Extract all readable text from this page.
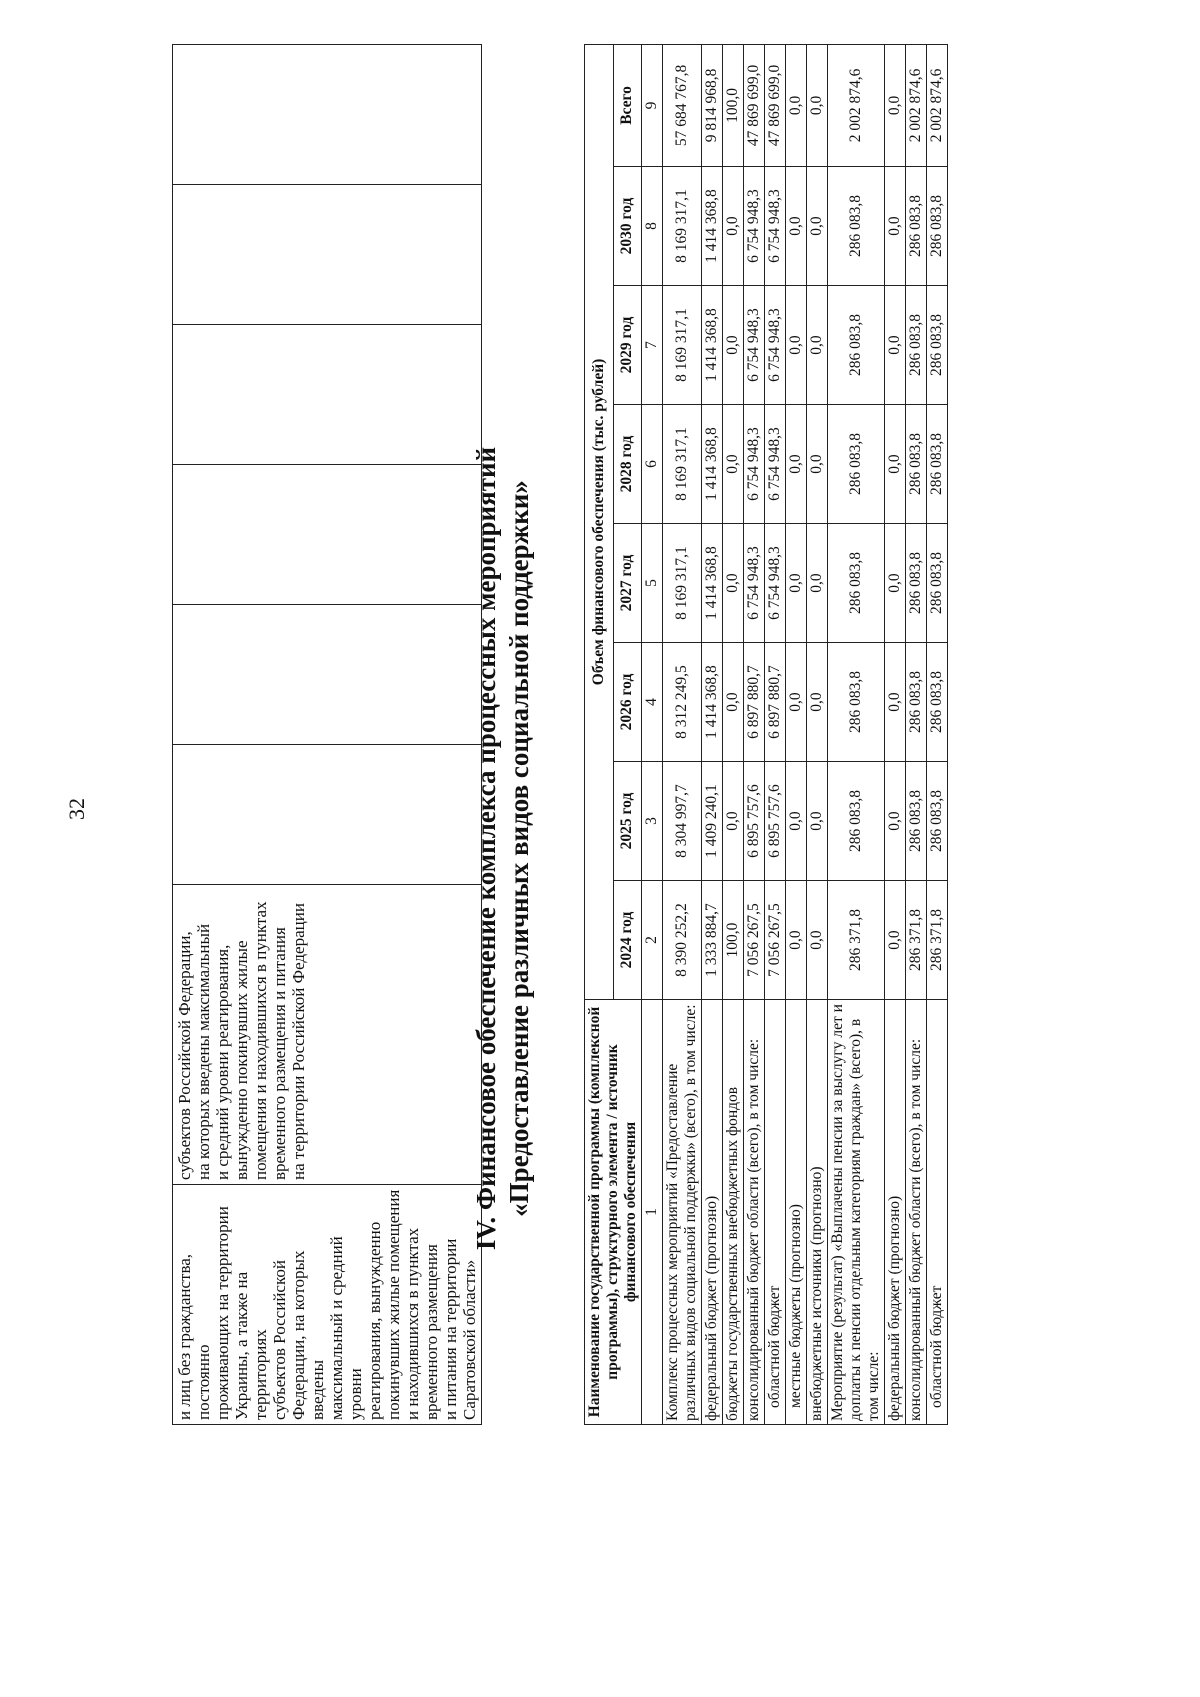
32
и лиц без гражданства, постоянно
проживающих на территории
Украины, а также на территориях
субъектов Российской
Федерации, на которых введены
максимальный и средний уровни
реагирования, вынужденно
покинувших жилые помещения
и находившихся в пунктах
временного размещения
и питания на территории
Саратовской области»	субъектов Российской Федерации,
на которых введены максимальный
и средний уровни реагирования,
вынужденно покинувших жилые
помещения и находившихся в пунктах
временного размещения и питания
на территории Российской Федерации							IV. Финансовое обеспечение комплекса процессных мероприятий «Предоставление различных видов социальной поддержки»	Наименование государственной программы (комплексной программы), структурного элемента / источник финансового обеспечения	Объем финансового обеспечения (тыс. рублей)							
	2024 год	2025 год	2026 год	2027 год	2028 год	2029 год	2030 год	Всего
1	2	3	4	5	6	7	8	9
Комплекс процессных мероприятий «Предоставление различных видов социальной поддержки» (всего), в том числе:	8 390 252,2	8 304 997,7	8 312 249,5	8 169 317,1	8 169 317,1	8 169 317,1	8 169 317,1	57 684 767,8
федеральный бюджет (прогнозно)	1 333 884,7	1 409 240,1	1 414 368,8	1 414 368,8	1 414 368,8	1 414 368,8	1 414 368,8	9 814 968,8
бюджеты государственных внебюджетных фондов	100,0	0,0	0,0	0,0	0,0	0,0	0,0	100,0
консолидированный бюджет области (всего), в том числе:	7 056 267,5	6 895 757,6	6 897 880,7	6 754 948,3	6 754 948,3	6 754 948,3	6 754 948,3	47 869 699,0
областной бюджет	7 056 267,5	6 895 757,6	6 897 880,7	6 754 948,3	6 754 948,3	6 754 948,3	6 754 948,3	47 869 699,0
местные бюджеты (прогнозно)	0,0	0,0	0,0	0,0	0,0	0,0	0,0	0,0
внебюджетные источники (прогнозно)	0,0	0,0	0,0	0,0	0,0	0,0	0,0	0,0
Мероприятие (результат) «Выплачены пенсии за выслугу лет и доплаты к пенсии отдельным категориям граждан» (всего), в том числе:	286 371,8	286 083,8	286 083,8	286 083,8	286 083,8	286 083,8	286 083,8	2 002 874,6
федеральный бюджет (прогнозно)	0,0	0,0	0,0	0,0	0,0	0,0	0,0	0,0
консолидированный бюджет области (всего), в том числе:	286 371,8	286 083,8	286 083,8	286 083,8	286 083,8	286 083,8	286 083,8	2 002 874,6
областной бюджет	286 371,8	286 083,8	286 083,8	286 083,8	286 083,8	286 083,8	286 083,8	2 002 874,6
